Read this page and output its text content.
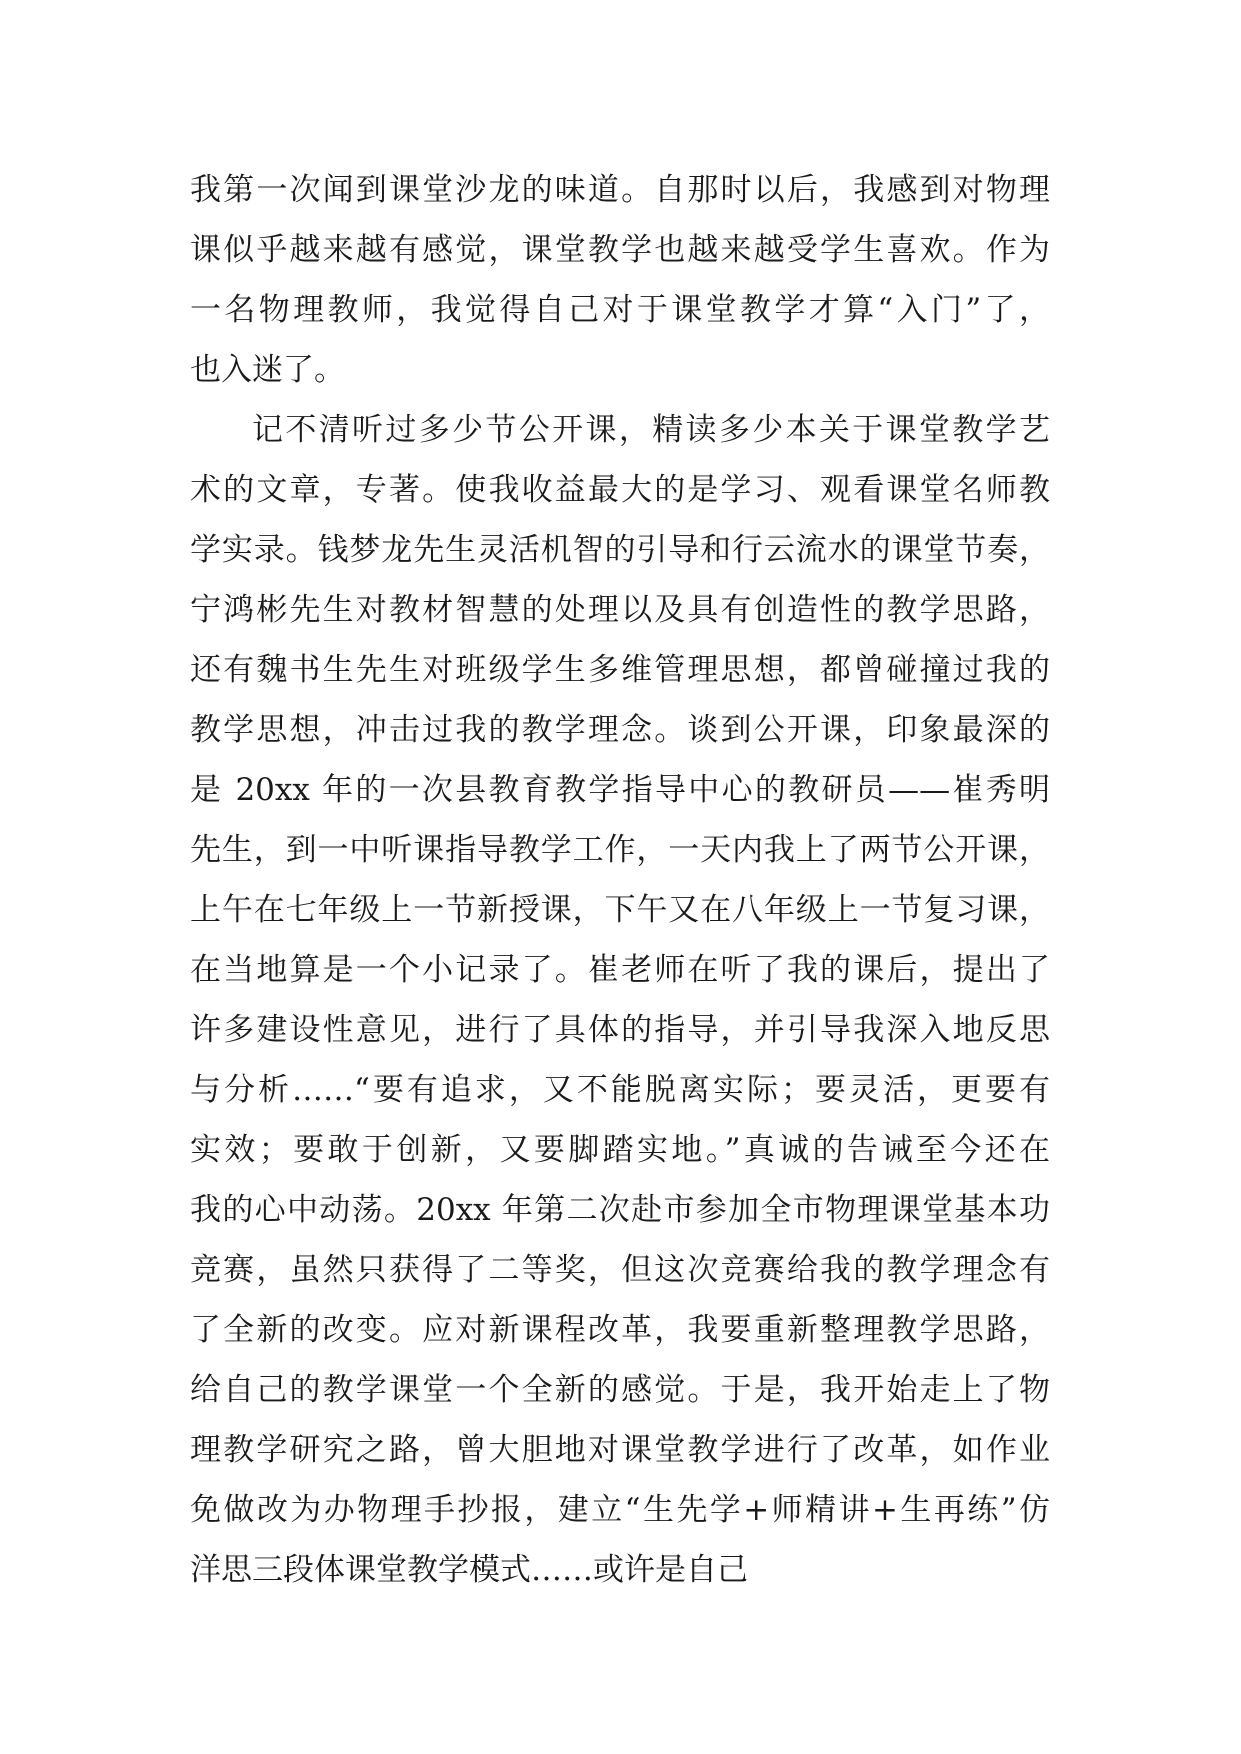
我第一次闻到课堂沙龙的味道。自那时以后，我感到对物理
课似乎越来越有感觉，课堂教学也越来越受学生喜欢。作为
一名物理教师，我觉得自己对于课堂教学才算“入门”了，
也入迷了。
记不清听过多少节公开课，精读多少本关于课堂教学艺
术的文章，专著。使我收益最大的是学习、观看课堂名师教
学实录。钱梦龙先生灵活机智的引导和行云流水的课堂节奏，
宁鸿彬先生对教材智慧的处理以及具有创造性的教学思路，
还有魏书生先生对班级学生多维管理思想，都曾碰撞过我的
教学思想，冲击过我的教学理念。谈到公开课，印象最深的
是 20xx 年的一次县教育教学指导中心的教研员——崔秀明
先生，到一中听课指导教学工作，一天内我上了两节公开课，
上午在七年级上一节新授课，下午又在八年级上一节复习课，
在当地算是一个小记录了。崔老师在听了我的课后，提出了
许多建设性意见，进行了具体的指导，并引导我深入地反思
与分析……“要有追求，又不能脱离实际；要灵活，更要有
实效；要敢于创新，又要脚踏实地。”真诚的告诫至今还在
我的心中动荡。20xx 年第二次赴市参加全市物理课堂基本功
竞赛，虽然只获得了二等奖，但这次竞赛给我的教学理念有
了全新的改变。应对新课程改革，我要重新整理教学思路，
给自己的教学课堂一个全新的感觉。于是，我开始走上了物
理教学研究之路，曾大胆地对课堂教学进行了改革，如作业
免做改为办物理手抄报，建立“生先学+师精讲+生再练”仿
洋思三段体课堂教学模式……或许是自己
